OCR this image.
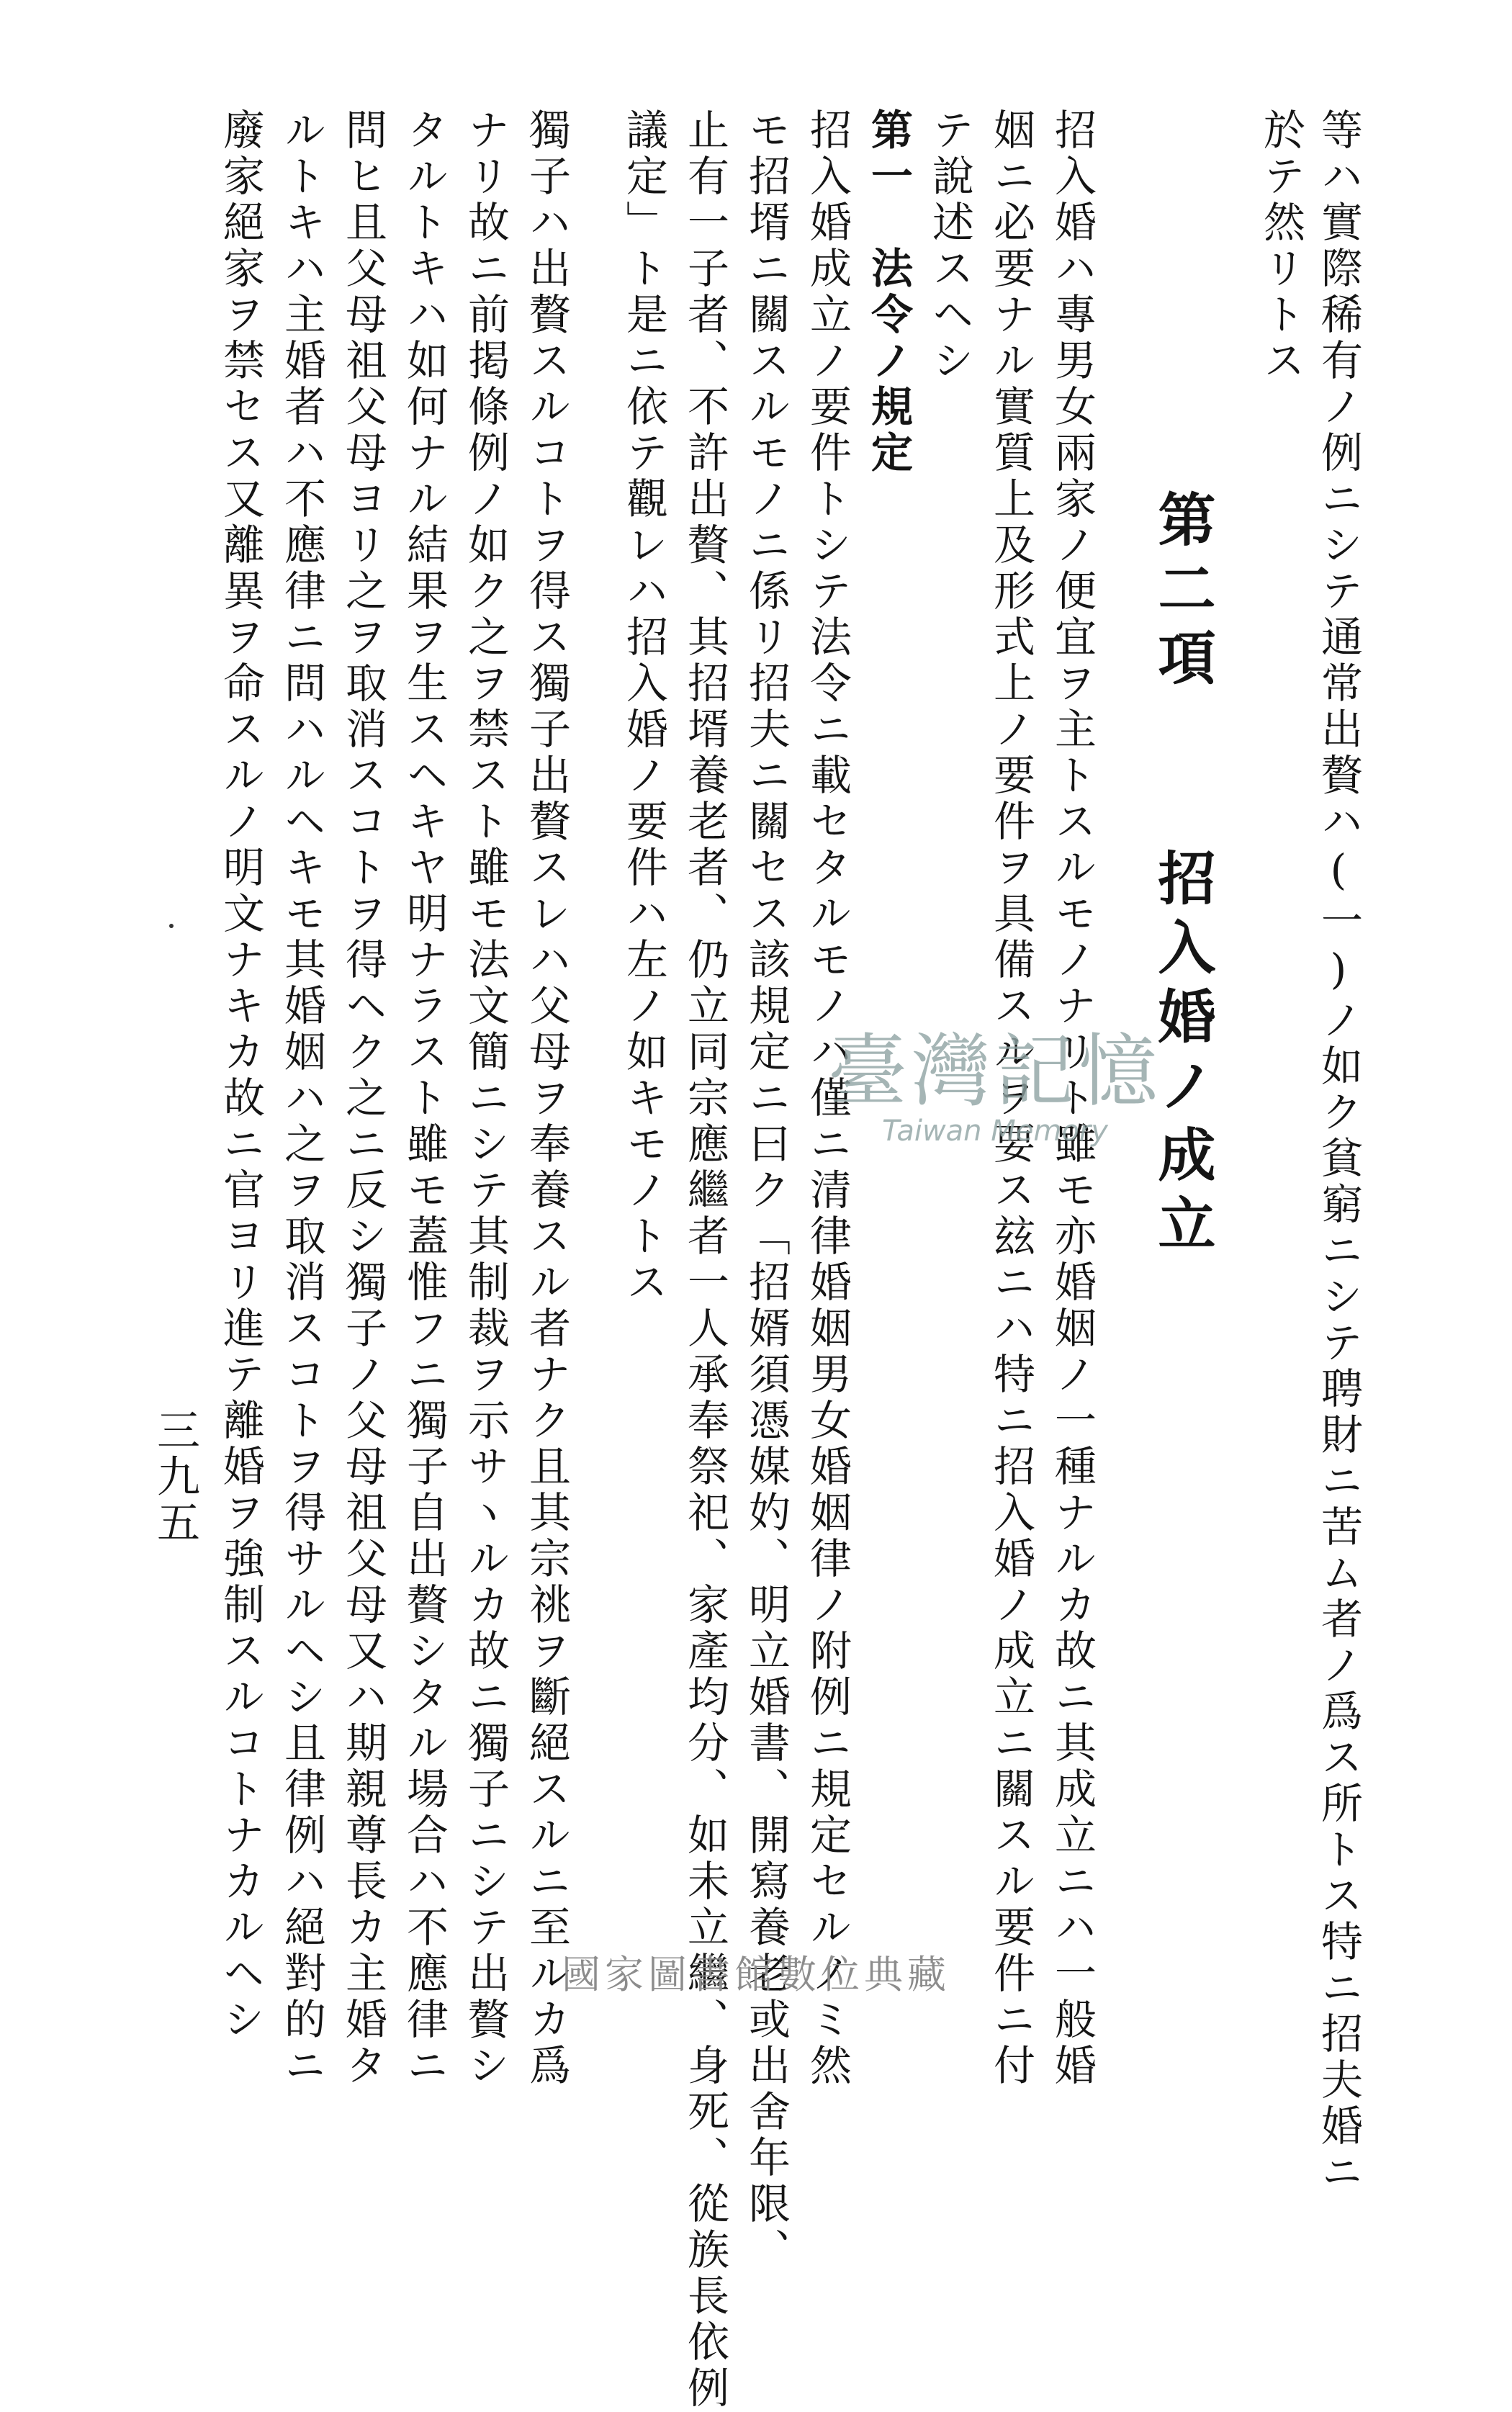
等ハ實際稀有ノ例ニシテ通常出贅ハ(一)ノ如ク貧窮ニシテ聘財ニ苦ム者ノ爲ス所トス特ニ招夫婚ニ
於テ然リトス
第二項招入婚ノ成立
招入婚ハ專男女兩家ノ便宜ヲ主トスルモノナリト雖モ亦婚姻ノ一種ナルカ故ニ其成立ニハ一般婚
姻ニ必要ナル實質上及形式上ノ要件ヲ具備スルヲ要ス玆ニハ特ニ招入婚ノ成立ニ關スル要件ニ付
テ說述スヘシ
第一　法令ノ規定
招入婚成立ノ要件トシテ法令ニ載セタルモノハ僅ニ清律婚姻男女婚姻律ノ附例ニ規定セルノミ然
モ招壻ニ關スルモノニ係リ招夫ニ關セス該規定ニ曰ク「招婿須憑媒妁、明立婚書、開寫養老或出舍年限、
止有一子者、不許出贅、其招壻養老者、仍立同宗應繼者一人承奉祭祀、家產均分、如未立繼、身死、從族長依例
議定」ト是ニ依テ觀レハ招入婚ノ要件ハ左ノ如キモノトス
獨子ハ出贅スルコトヲ得ス獨子出贅スレハ父母ヲ奉養スル者ナク且其宗祧ヲ斷絕スルニ至ルカ爲
ナリ故ニ前掲條例ノ如ク之ヲ禁スト雖モ法文簡ニシテ其制裁ヲ示サヽルカ故ニ獨子ニシテ出贅シ
タルトキハ如何ナル結果ヲ生スヘキヤ明ナラスト雖モ蓋惟フニ獨子自出贅シタル場合ハ不應律ニ
問ヒ且父母祖父母ヨリ之ヲ取消スコトヲ得ヘク之ニ反シ獨子ノ父母祖父母又ハ期親尊長カ主婚タ
ルトキハ主婚者ハ不應律ニ問ハルヘキモ其婚姻ハ之ヲ取消スコトヲ得サルヘシ且律例ハ絕對的ニ
廢家絕家ヲ禁セス又離異ヲ命スルノ明文ナキカ故ニ官ヨリ進テ離婚ヲ強制スルコトナカルヘシ
三九五
臺灣記憶
Taiwan Memory
國家圖書館數位典藏
